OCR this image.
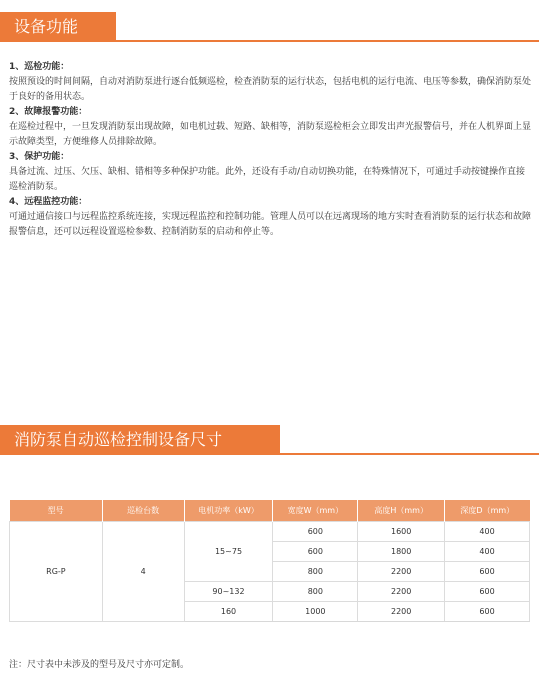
设备功能

1、巡检功能：

按照预设的时间间隔，自动对消防泵进行逐台低频巡检，检查消防泵的运行状态，包括电机的运行电流、电压等参数，确保消防泵处于良好的备用状态。

2、故障报警功能：

在巡检过程中，一旦发现消防泵出现故障，如电机过载、短路、缺相等，消防泵巡检柜会立即发出声光报警信号，并在人机界面上显示故障类型，方便维修人员排除故障。

3、保护功能：

具备过流、过压、欠压、缺相、错相等多种保护功能。此外，还设有手动/自动切换功能，在特殊情况下，可通过手动按键操作直接巡检消防泵。

4、远程监控功能：

可通过通信接口与远程监控系统连接，实现远程监控和控制功能。管理人员可以在远离现场的地方实时查看消防泵的运行状态和故障报警信息，还可以远程设置巡检参数、控制消防泵的启动和停止等。

消防泵自动巡检控制设备尺寸
型号	巡检台数	电机功率（kW）	宽度W（mm）	高度H（mm）	深度D（mm）
RG-P	4	15~75	600	1600	400
			600	1800	400
			800	2200	600
		90~132	800	2200	600
		160	1000	2200	600
注：尺寸表中未涉及的型号及尺寸亦可定制。
